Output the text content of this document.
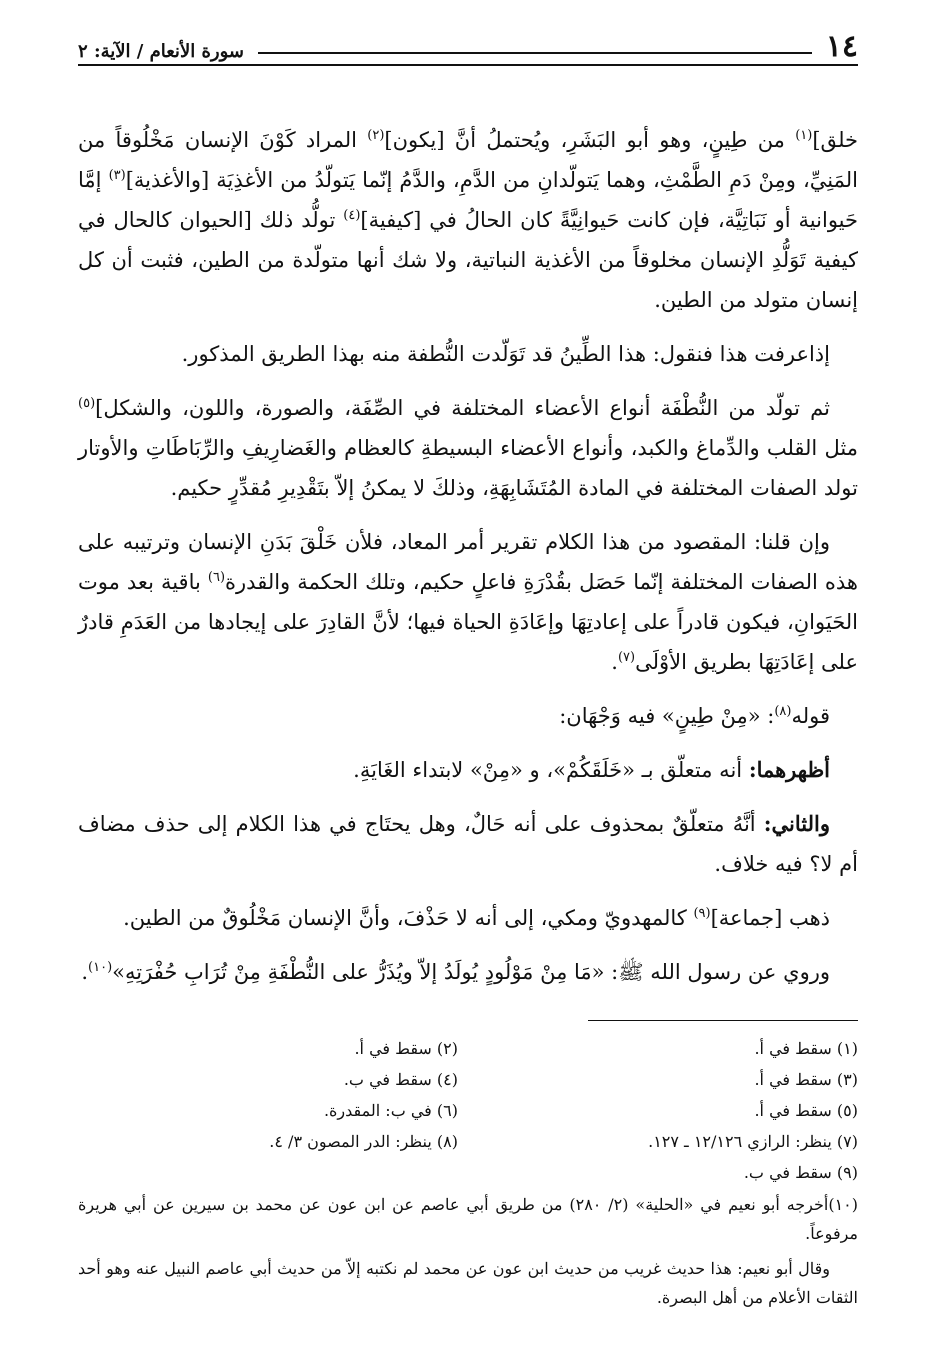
١٤
سورة الأنعام / الآية: ٢

خلق]$^{(١)}$ من طِينٍ، وهو أبو البَشَرِ، ويُحتملُ أنَّ [يكون]$^{(٢)}$ المراد كَوْنَ الإنسان مَخْلُوقاً من المَنِيِّ، ومِنْ دَمِ الطَّمْثِ، وهما يَتولّدانِ من الدَّمِ، والدَّمُ إنّما يَتولّدُ من الأغذِيَة [والأغذية]$^{(٣)}$ إمَّا حَيوانية أو نَبَاتِيَّة، فإن كانت حَيوانِيَّةً كان الحالُ في [كيفية]$^{(٤)}$ تولُّد ذلك [الحيوان كالحال في كيفية تَوَلُّدِ الإنسان مخلوقاً من الأغذية النباتية، ولا شك أنها متولّدة من الطين، فثبت أن كل إنسان متولد من الطين.

إذاعرفت هذا فنقول: هذا الطِّينُ قد تَوَلّدت النُّطفة منه بهذا الطريق المذكور.

ثم تولّد من النُّطْفَة أنواع الأعضاء المختلفة في الصِّفَة، والصورة، واللون، والشكل]$^{(٥)}$ مثل القلب والدِّماغ والكبد، وأنواع الأعضاء البسيطةِ كالعظام والغَضارِيفِ والرِّبَاطَاتِ والأوتار تولد الصفات المختلفة في المادة المُتَشَابِهَةِ، وذلكَ لا يمكنُ إلاّ بتَقْدِيرِ مُقدِّرٍ حكيم.

وإن قلنا: المقصود من هذا الكلام تقرير أمر المعاد، فلأن خَلْقَ بَدَنِ الإنسان وترتيبه على هذه الصفات المختلفة إنّما حَصَل بقُدْرَةِ فاعلٍ حكيم، وتلك الحكمة والقدرة$^{(٦)}$ باقية بعد موت الحَيَوانِ، فيكون قادراً على إعادتِهَا وإعَادَةِ الحياة فيها؛ لأنَّ القادِرَ على إيجادها من العَدَمِ قادرٌ على إعَادَتِهَا بطريق الأوْلَى$^{(٧)}$.

قوله$^{(٨)}$: «مِنْ طِينٍ» فيه وَجْهَان:

أظهرهما: أنه متعلّق بـ «خَلَقَكُمْ»، و «مِنْ» لابتداء الغَايَةِ.

والثاني: أنَّهُ متعلّقٌ بمحذوف على أنه حَالٌ، وهل يحتَاج في هذا الكلام إلى حذف مضاف أم لا؟ فيه خلاف.

ذهب [جماعة]$^{(٩)}$ كالمهدويّ ومكي، إلى أنه لا حَذْفَ، وأنَّ الإنسان مَخْلُوقٌ من الطين.

وروي عن رسول الله ﷺ: «مَا مِنْ مَوْلُودٍ يُولَدُ إلاّ ويُذَرُّ على النُّطْفَةِ مِنْ تُرَابِ حُفْرَتِهِ»$^{(١٠)}$.

(١) سقط في أ.
(٢) سقط في أ.
(٣) سقط في أ.
(٤) سقط في ب.
(٥) سقط في أ.
(٦) في ب: المقدرة.
(٧) ينظر: الرازي ١٢/١٢٦ ـ ١٢٧.
(٨) ينظر: الدر المصون ٣/ ٤.
(٩) سقط في ب.

(١٠)أخرجه أبو نعيم في «الحلية» (٢/ ٢٨٠) من طريق أبي عاصم عن ابن عون عن محمد بن سيرين عن أبي هريرة مرفوعاً.

وقال أبو نعيم: هذا حديث غريب من حديث ابن عون عن محمد لم نكتبه إلاّ من حديث أبي عاصم النبيل عنه وهو أحد الثقات الأعلام من أهل البصرة.
